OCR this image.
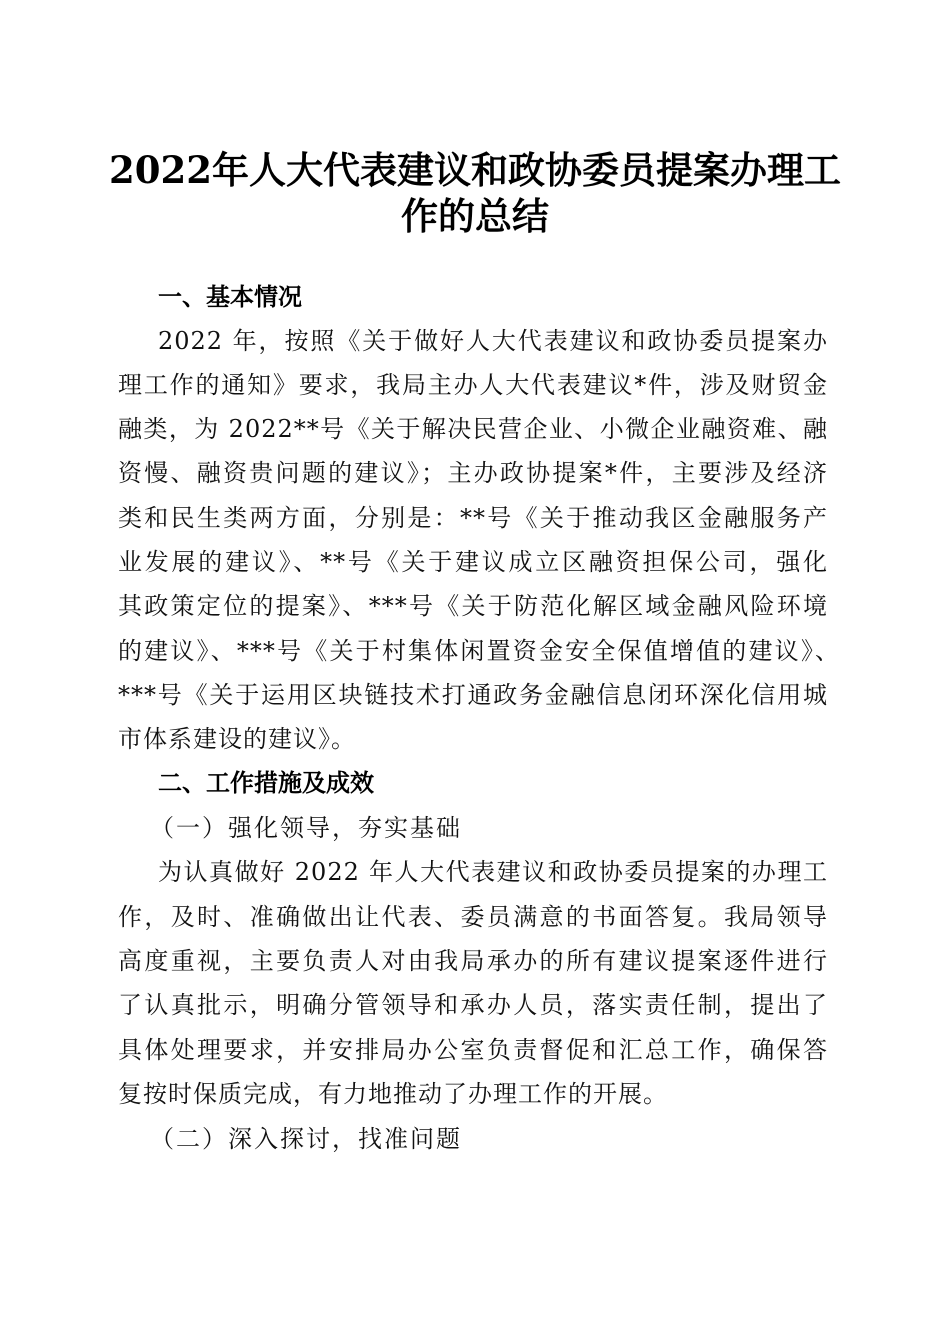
2022年人大代表建议和政协委员提案办理工
作的总结
一、基本情况
2022 年，按照《关于做好人大代表建议和政协委员提案办
理工作的通知》要求，我局主办人大代表建议*件，涉及财贸金
融类，为 2022**号《关于解决民营企业、小微企业融资难、融
资慢、融资贵问题的建议》；主办政协提案*件，主要涉及经济
类和民生类两方面，分别是：**号《关于推动我区金融服务产
业发展的建议》、**号《关于建议成立区融资担保公司，强化
其政策定位的提案》、***号《关于防范化解区域金融风险环境
的建议》、***号《关于村集体闲置资金安全保值增值的建议》、
***号《关于运用区块链技术打通政务金融信息闭环深化信用城
市体系建设的建议》。
二、工作措施及成效
（一）强化领导，夯实基础
为认真做好 2022 年人大代表建议和政协委员提案的办理工
作，及时、准确做出让代表、委员满意的书面答复。我局领导
高度重视，主要负责人对由我局承办的所有建议提案逐件进行
了认真批示，明确分管领导和承办人员，落实责任制，提出了
具体处理要求，并安排局办公室负责督促和汇总工作，确保答
复按时保质完成，有力地推动了办理工作的开展。
（二）深入探讨，找准问题
